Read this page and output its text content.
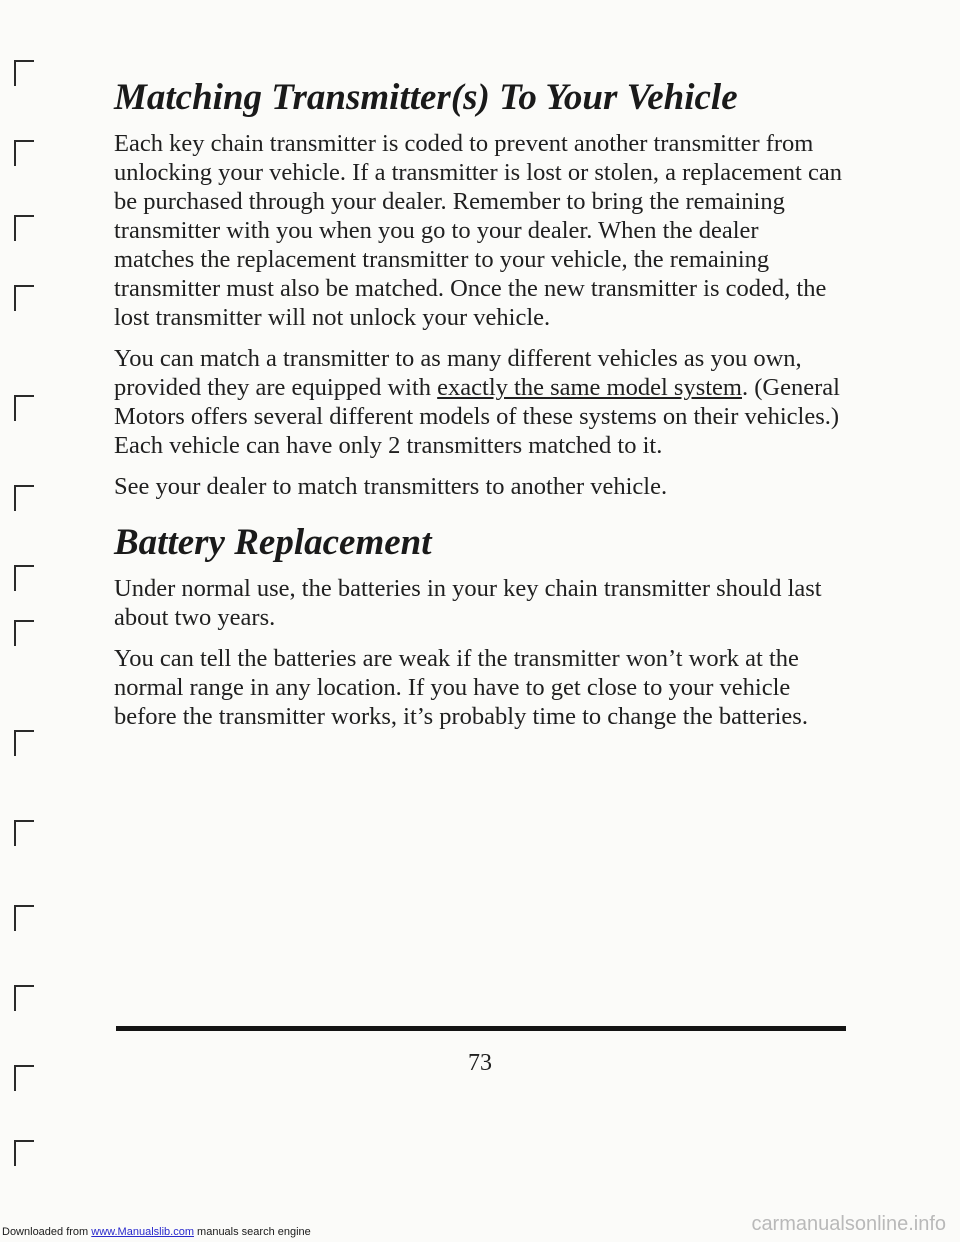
Matching Transmitter(s) To Your Vehicle

Each key chain transmitter is coded to prevent another transmitter from unlocking your vehicle. If a transmitter is lost or stolen, a replacement can be purchased through your dealer. Remember to bring the remaining transmitter with you when you go to your dealer. When the dealer matches the replacement transmitter to your vehicle, the remaining transmitter must also be matched. Once the new transmitter is coded, the lost transmitter will not unlock your vehicle.

You can match a transmitter to as many different vehicles as you own, provided they are equipped with exactly the same model system. (General Motors offers several different models of these systems on their vehicles.) Each vehicle can have only 2 transmitters matched to it.

See your dealer to match transmitters to another vehicle.

Battery Replacement

Under normal use, the batteries in your key chain transmitter should last about two years.

You can tell the batteries are weak if the transmitter won’t work at the normal range in any location. If you have to get close to your vehicle before the transmitter works, it’s probably time to change the batteries.

73
Downloaded from www.Manualslib.com manuals search engine	carmanualsonline.info
